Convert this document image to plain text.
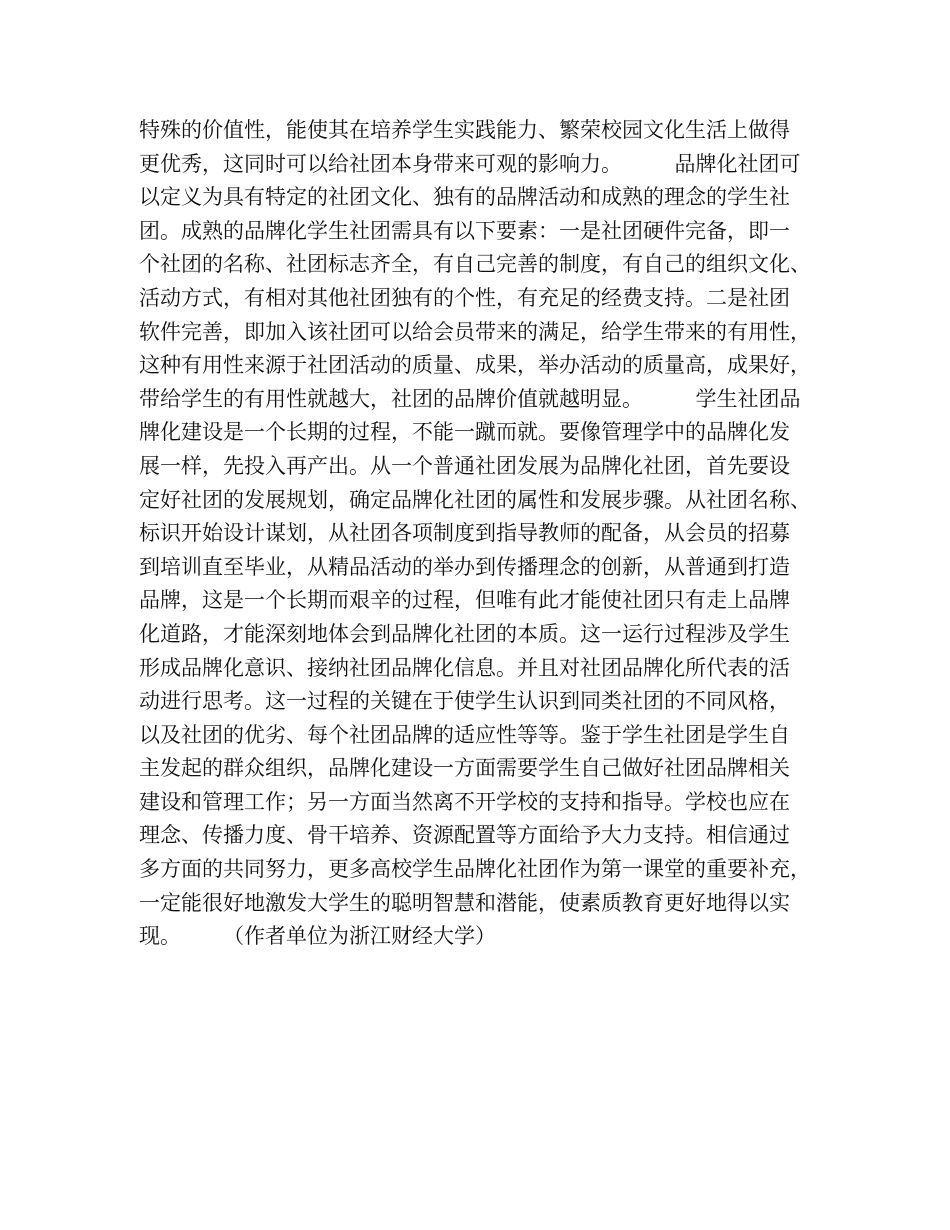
特殊的价值性，能使其在培养学生实践能力、繁荣校园文化生活上做得
更优秀，这同时可以给社团本身带来可观的影响力。　　　品牌化社团可
以定义为具有特定的社团文化、独有的品牌活动和成熟的理念的学生社
团。成熟的品牌化学生社团需具有以下要素：一是社团硬件完备，即一
个社团的名称、社团标志齐全，有自己完善的制度，有自己的组织文化、
活动方式，有相对其他社团独有的个性，有充足的经费支持。二是社团
软件完善，即加入该社团可以给会员带来的满足，给学生带来的有用性，
这种有用性来源于社团活动的质量、成果，举办活动的质量高，成果好，
带给学生的有用性就越大，社团的品牌价值就越明显。　　　学生社团品
牌化建设是一个长期的过程，不能一蹴而就。要像管理学中的品牌化发
展一样，先投入再产出。从一个普通社团发展为品牌化社团，首先要设
定好社团的发展规划，确定品牌化社团的属性和发展步骤。从社团名称、
标识开始设计谋划，从社团各项制度到指导教师的配备，从会员的招募
到培训直至毕业，从精品活动的举办到传播理念的创新，从普通到打造
品牌，这是一个长期而艰辛的过程，但唯有此才能使社团只有走上品牌
化道路，才能深刻地体会到品牌化社团的本质。这一运行过程涉及学生
形成品牌化意识、接纳社团品牌化信息。并且对社团品牌化所代表的活
动进行思考。这一过程的关键在于使学生认识到同类社团的不同风格，
以及社团的优劣、每个社团品牌的适应性等等。鉴于学生社团是学生自
主发起的群众组织，品牌化建设一方面需要学生自己做好社团品牌相关
建设和管理工作；另一方面当然离不开学校的支持和指导。学校也应在
理念、传播力度、骨干培养、资源配置等方面给予大力支持。相信通过
多方面的共同努力，更多高校学生品牌化社团作为第一课堂的重要补充，
一定能很好地激发大学生的聪明智慧和潜能，使素质教育更好地得以实
现。　　　（作者单位为浙江财经大学）
